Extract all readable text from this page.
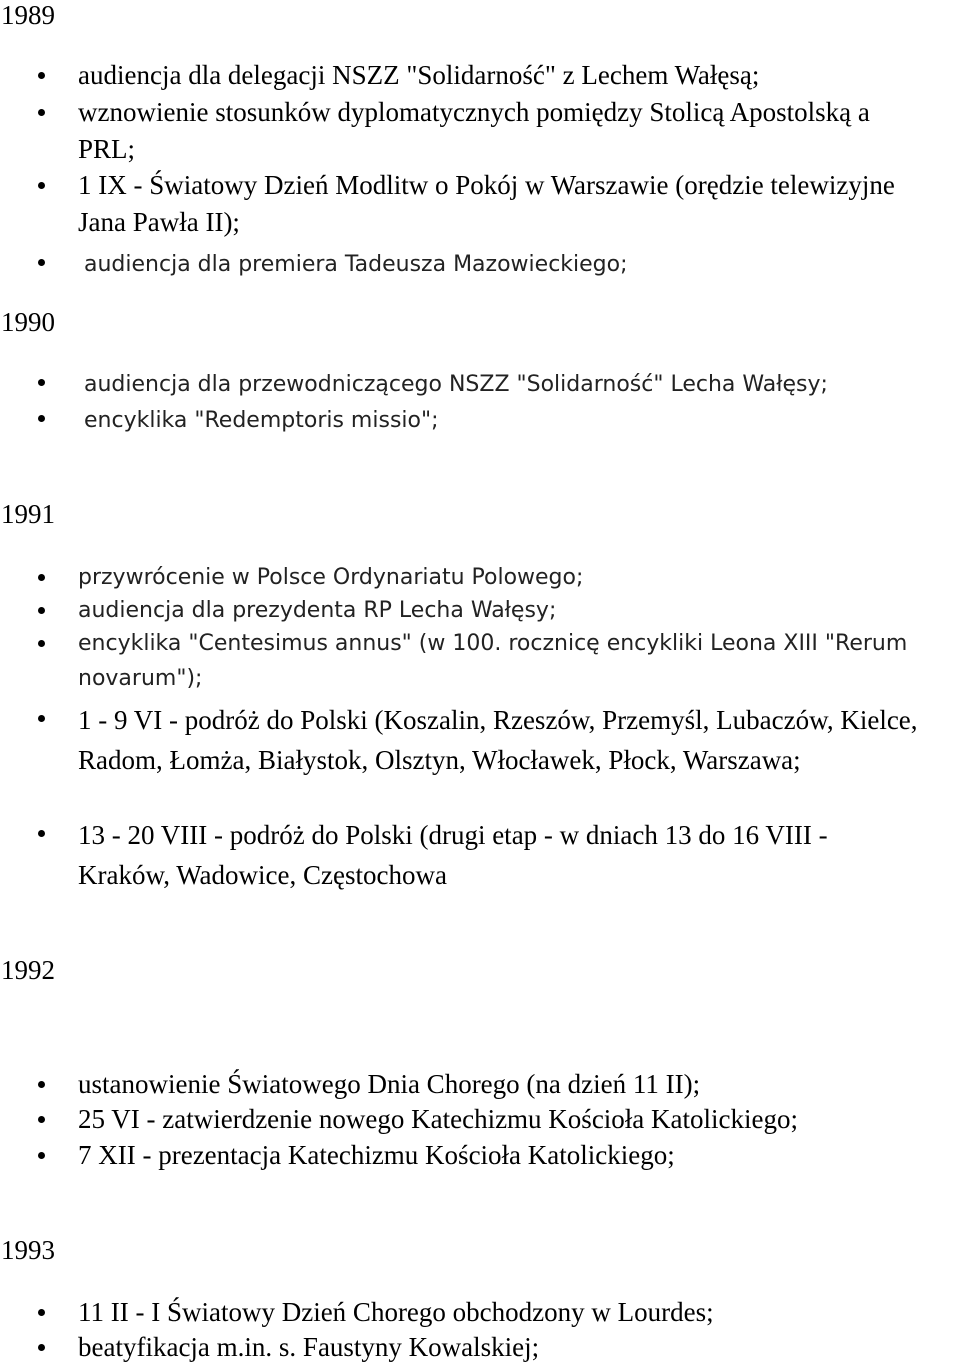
1989

audiencja dla delegacji NSZZ "Solidarność" z Lechem Wałęsą;

wznowienie stosunków dyplomatycznych pomiędzy Stolicą Apostolską a PRL;

1 IX - Światowy Dzień Modlitw o Pokój w Warszawie (orędzie telewizyjne Jana Pawła II);

audiencja dla premiera Tadeusza Mazowieckiego;

1990

audiencja dla przewodniczącego NSZZ "Solidarność" Lecha Wałęsy;

encyklika "Redemptoris missio";

1991

przywrócenie w Polsce Ordynariatu Polowego;

audiencja dla prezydenta RP Lecha Wałęsy;

encyklika "Centesimus annus" (w 100. rocznicę encykliki Leona XIII "Rerum novarum");

1 - 9 VI - podróż do Polski (Koszalin, Rzeszów, Przemyśl, Lubaczów, Kielce, Radom, Łomża, Białystok, Olsztyn, Włocławek, Płock, Warszawa;

13 - 20 VIII - podróż do Polski (drugi etap - w dniach 13 do 16 VIII - Kraków, Wadowice, Częstochowa

1992

ustanowienie Światowego Dnia Chorego (na dzień 11 II);

25 VI - zatwierdzenie nowego Katechizmu Kościoła Katolickiego;

7 XII - prezentacja Katechizmu Kościoła Katolickiego;

1993

11 II - I Światowy Dzień Chorego obchodzony w Lourdes;

beatyfikacja m.in. s. Faustyny Kowalskiej;
